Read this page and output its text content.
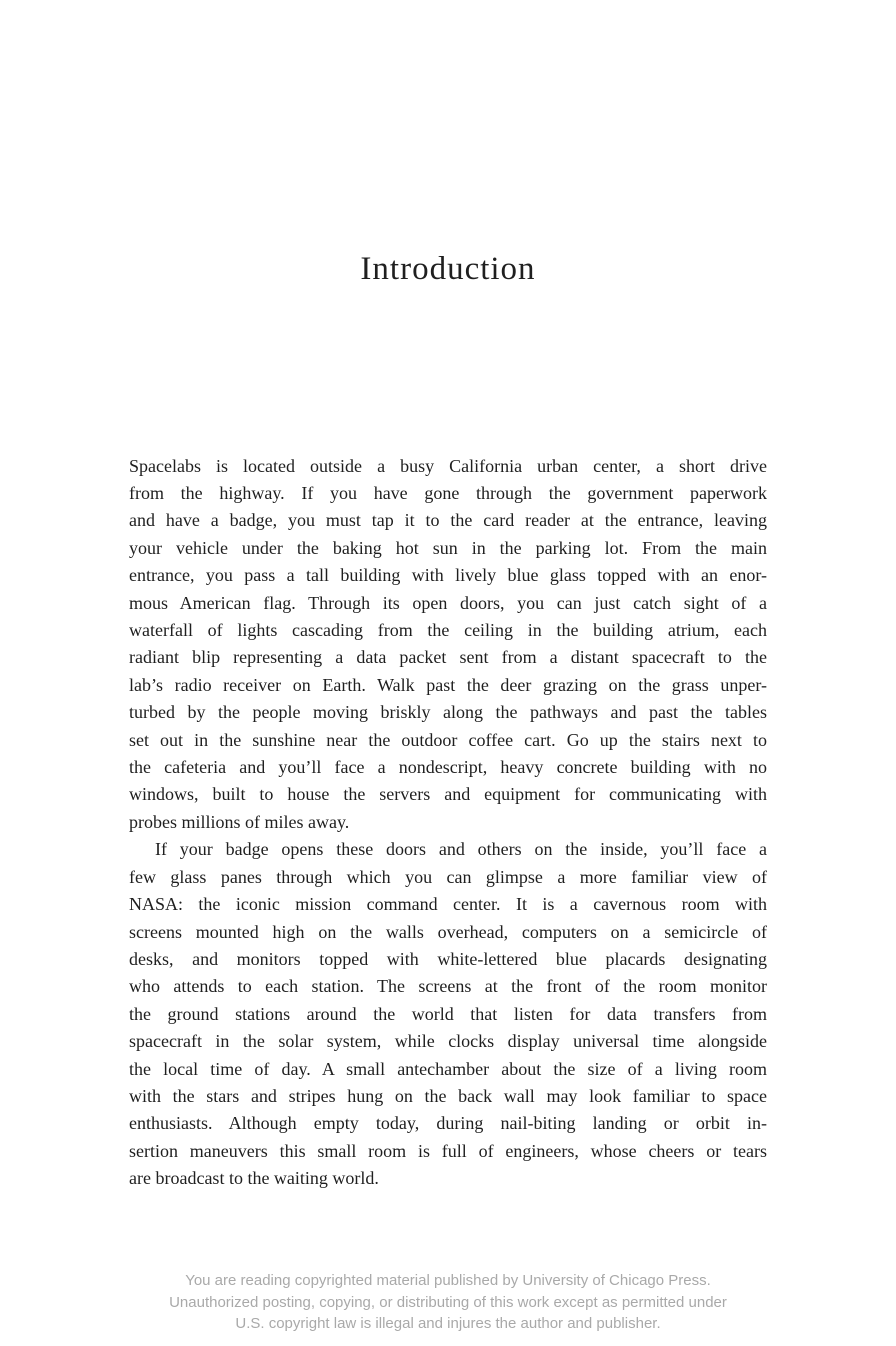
Introduction
Spacelabs is located outside a busy California urban center, a short drive
from the highway. If you have gone through the government paperwork
and have a badge, you must tap it to the card reader at the entrance, leaving
your vehicle under the baking hot sun in the parking lot. From the main
entrance, you pass a tall building with lively blue glass topped with an enor-
mous American flag. Through its open doors, you can just catch sight of a
waterfall of lights cascading from the ceiling in the building atrium, each
radiant blip representing a data packet sent from a distant spacecraft to the
lab’s radio receiver on Earth. Walk past the deer grazing on the grass unper-
turbed by the people moving briskly along the pathways and past the tables
set out in the sunshine near the outdoor coffee cart. Go up the stairs next to
the cafeteria and you’ll face a nondescript, heavy concrete building with no
windows, built to house the servers and equipment for communicating with
probes millions of miles away.
If your badge opens these doors and others on the inside, you’ll face a
few glass panes through which you can glimpse a more familiar view of
NASA: the iconic mission command center. It is a cavernous room with
screens mounted high on the walls overhead, computers on a semicircle of
desks, and monitors topped with white-lettered blue placards designating
who attends to each station. The screens at the front of the room monitor
the ground stations around the world that listen for data transfers from
spacecraft in the solar system, while clocks display universal time alongside
the local time of day. A small antechamber about the size of a living room
with the stars and stripes hung on the back wall may look familiar to space
enthusiasts. Although empty today, during nail-biting landing or orbit in-
sertion maneuvers this small room is full of engineers, whose cheers or tears
are broadcast to the waiting world.
You are reading copyrighted material published by University of Chicago Press.
Unauthorized posting, copying, or distributing of this work except as permitted under
U.S. copyright law is illegal and injures the author and publisher.
